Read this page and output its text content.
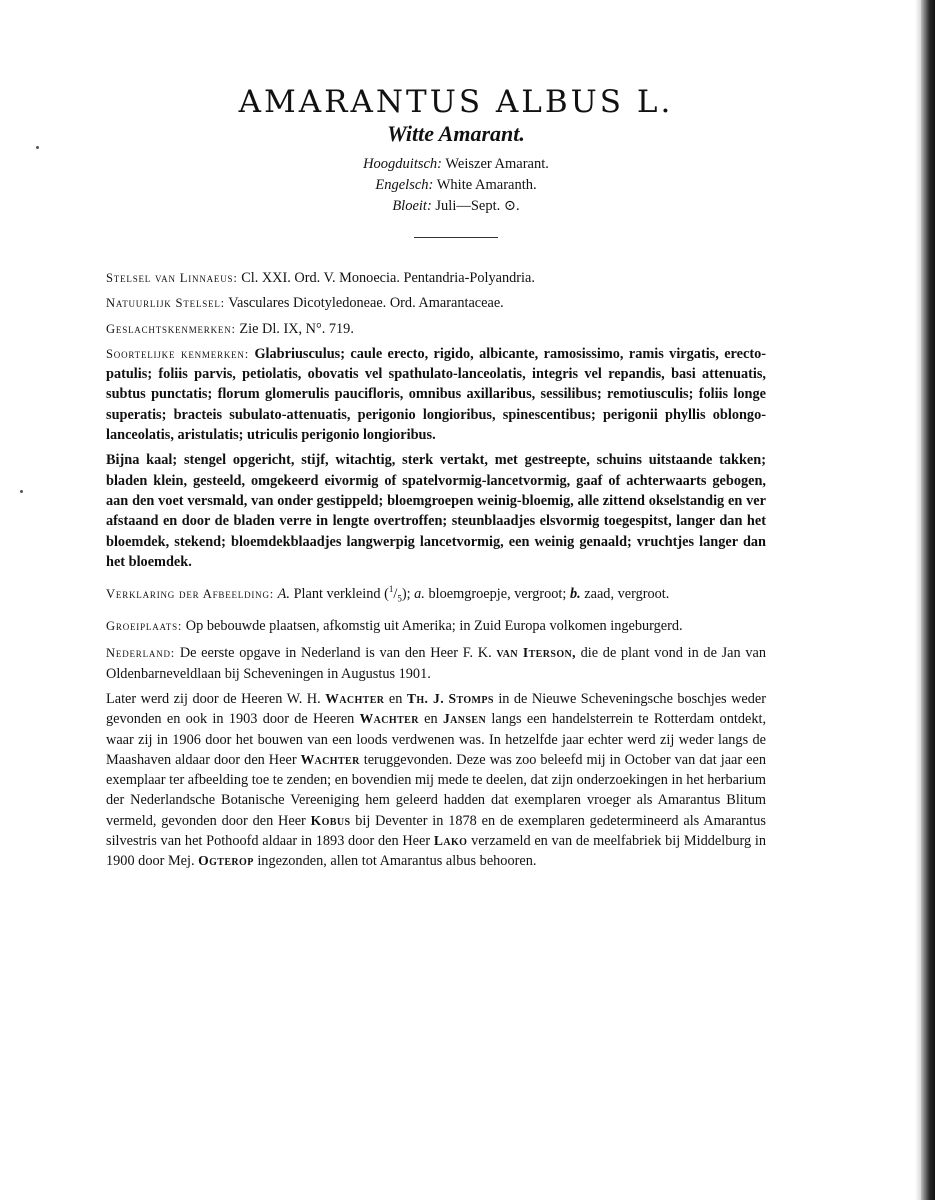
AMARANTUS ALBUS L.
Witte Amarant.
Hoogduitsch: Weiszer Amarant.
Engelsch: White Amaranth.
Bloeit: Juli—Sept. ⊙.

Stelsel van Linnaeus: Cl. XXI. Ord. V. Monoecia. Pentandria-Polyandria.

Natuurlijk Stelsel: Vasculares Dicotyledoneae. Ord. Amarantaceae.

Geslachtskenmerken: Zie Dl. IX, N°. 719.

Soortelijke kenmerken: Glabriusculus; caule erecto, rigido, albicante, ramosissimo, ramis virgatis, erecto-patulis; foliis parvis, petiolatis, obovatis vel spathulato-lanceolatis, integris vel repandis, basi attenuatis, subtus punctatis; florum glomerulis paucifloris, omnibus axillaribus, sessilibus; remotiusculis; foliis longe superatis; bracteis subulato-attenuatis, perigonio longioribus, spinescentibus; perigonii phyllis oblongo-lanceolatis, aristulatis; utriculis perigonio longioribus.

Bijna kaal; stengel opgericht, stijf, witachtig, sterk vertakt, met gestreepte, schuins uitstaande takken; bladen klein, gesteeld, omgekeerd eivormig of spatelvormig-lancetvormig, gaaf of achterwaarts gebogen, aan den voet versmald, van onder gestippeld; bloemgroepen weinig-bloemig, alle zittend okselstandig en ver afstaand en door de bladen verre in lengte overtroffen; steunblaadjes elsvormig toegespitst, langer dan het bloemdek, stekend; bloemdekblaadjes langwerpig lancetvormig, een weinig genaald; vruchtjes langer dan het bloemdek.

Verklaring der Afbeelding: A. Plant verkleind $(^1/_5)$; a. bloemgroepje, vergroot; b. zaad, vergroot.

Groeiplaats: Op bebouwde plaatsen, afkomstig uit Amerika; in Zuid Europa volkomen ingeburgerd.

Nederland: De eerste opgave in Nederland is van den Heer F. K. van Iterson, die de plant vond in de Jan van Oldenbarneveldlaan bij Scheveningen in Augustus 1901.

Later werd zij door de Heeren W. H. Wachter en Th. J. Stomps in de Nieuwe Scheveningsche boschjes weder gevonden en ook in 1903 door de Heeren Wachter en Jansen langs een handelsterrein te Rotterdam ontdekt, waar zij in 1906 door het bouwen van een loods verdwenen was. In hetzelfde jaar echter werd zij weder langs de Maashaven aldaar door den Heer Wachter teruggevonden. Deze was zoo beleefd mij in October van dat jaar een exemplaar ter afbeelding toe te zenden; en bovendien mij mede te deelen, dat zijn onderzoekingen in het herbarium der Nederlandsche Botanische Vereeniging hem geleerd hadden dat exemplaren vroeger als Amarantus Blitum vermeld, gevonden door den Heer Kobus bij Deventer in 1878 en de exemplaren gedetermineerd als Amarantus silvestris van het Pothoofd aldaar in 1893 door den Heer Lako verzameld en van de meelfabriek bij Middelburg in 1900 door Mej. Ogterop ingezonden, allen tot Amarantus albus behooren.
